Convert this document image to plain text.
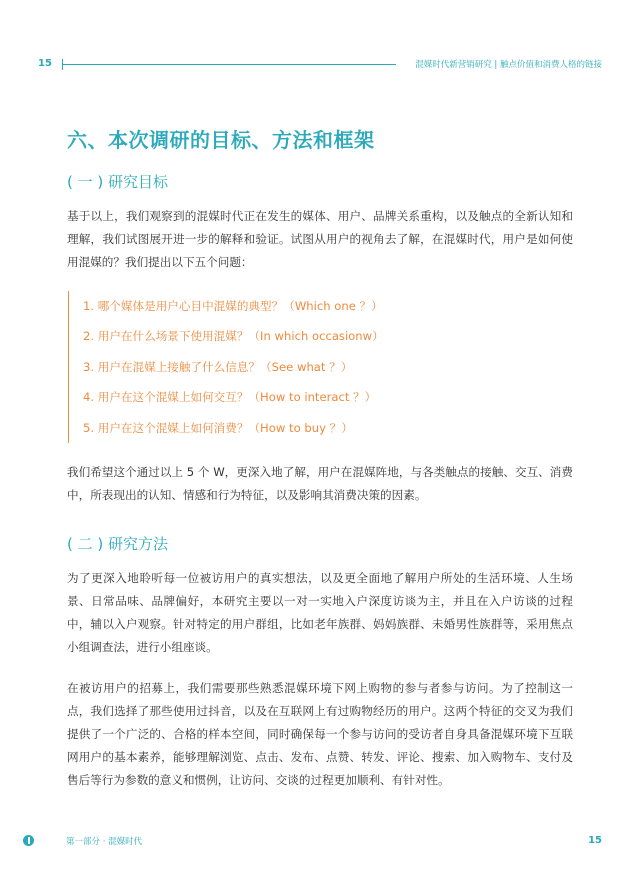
15	混媒时代新营销研究 | 触点价值和消费人格的链接
六、本次调研的目标、方法和框架
( 一 ) 研究目标

基于以上，我们观察到的混媒时代正在发生的媒体、用户、品牌关系重构，以及触点的全新认知和理解，我们试图展开进一步的解释和验证。试图从用户的视角去了解，在混媒时代，用户是如何使用混媒的？我们提出以下五个问题：

1. 哪个媒体是用户心目中混媒的典型？（Which one ？）
2. 用户在什么场景下使用混媒？（In which occasionw）
3. 用户在混媒上接触了什么信息？（See what ？）
4. 用户在这个混媒上如何交互？（How to interact ？）
5. 用户在这个混媒上如何消费？（How to buy ？）

我们希望这个通过以上 5 个 W，更深入地了解，用户在混媒阵地，与各类触点的接触、交互、消费中，所表现出的认知、情感和行为特征，以及影响其消费决策的因素。

( 二 ) 研究方法

为了更深入地聆听每一位被访用户的真实想法，以及更全面地了解用户所处的生活环境、人生场景、日常品味、品牌偏好，本研究主要以一对一实地入户深度访谈为主，并且在入户访谈的过程中，辅以入户观察。针对特定的用户群组，比如老年族群、妈妈族群、未婚男性族群等，采用焦点小组调查法，进行小组座谈。

在被访用户的招募上，我们需要那些熟悉混媒环境下网上购物的参与者参与访问。为了控制这一点，我们选择了那些使用过抖音，以及在互联网上有过购物经历的用户。这两个特征的交叉为我们提供了一个广泛的、合格的样本空间，同时确保每一个参与访问的受访者自身具备混媒环境下互联网用户的基本素养，能够理解浏览、点击、发布、点赞、转发、评论、搜索、加入购物车、支付及售后等行为参数的意义和惯例，让访问、交谈的过程更加顺利、有针对性。

第一部分 · 混媒时代	15
